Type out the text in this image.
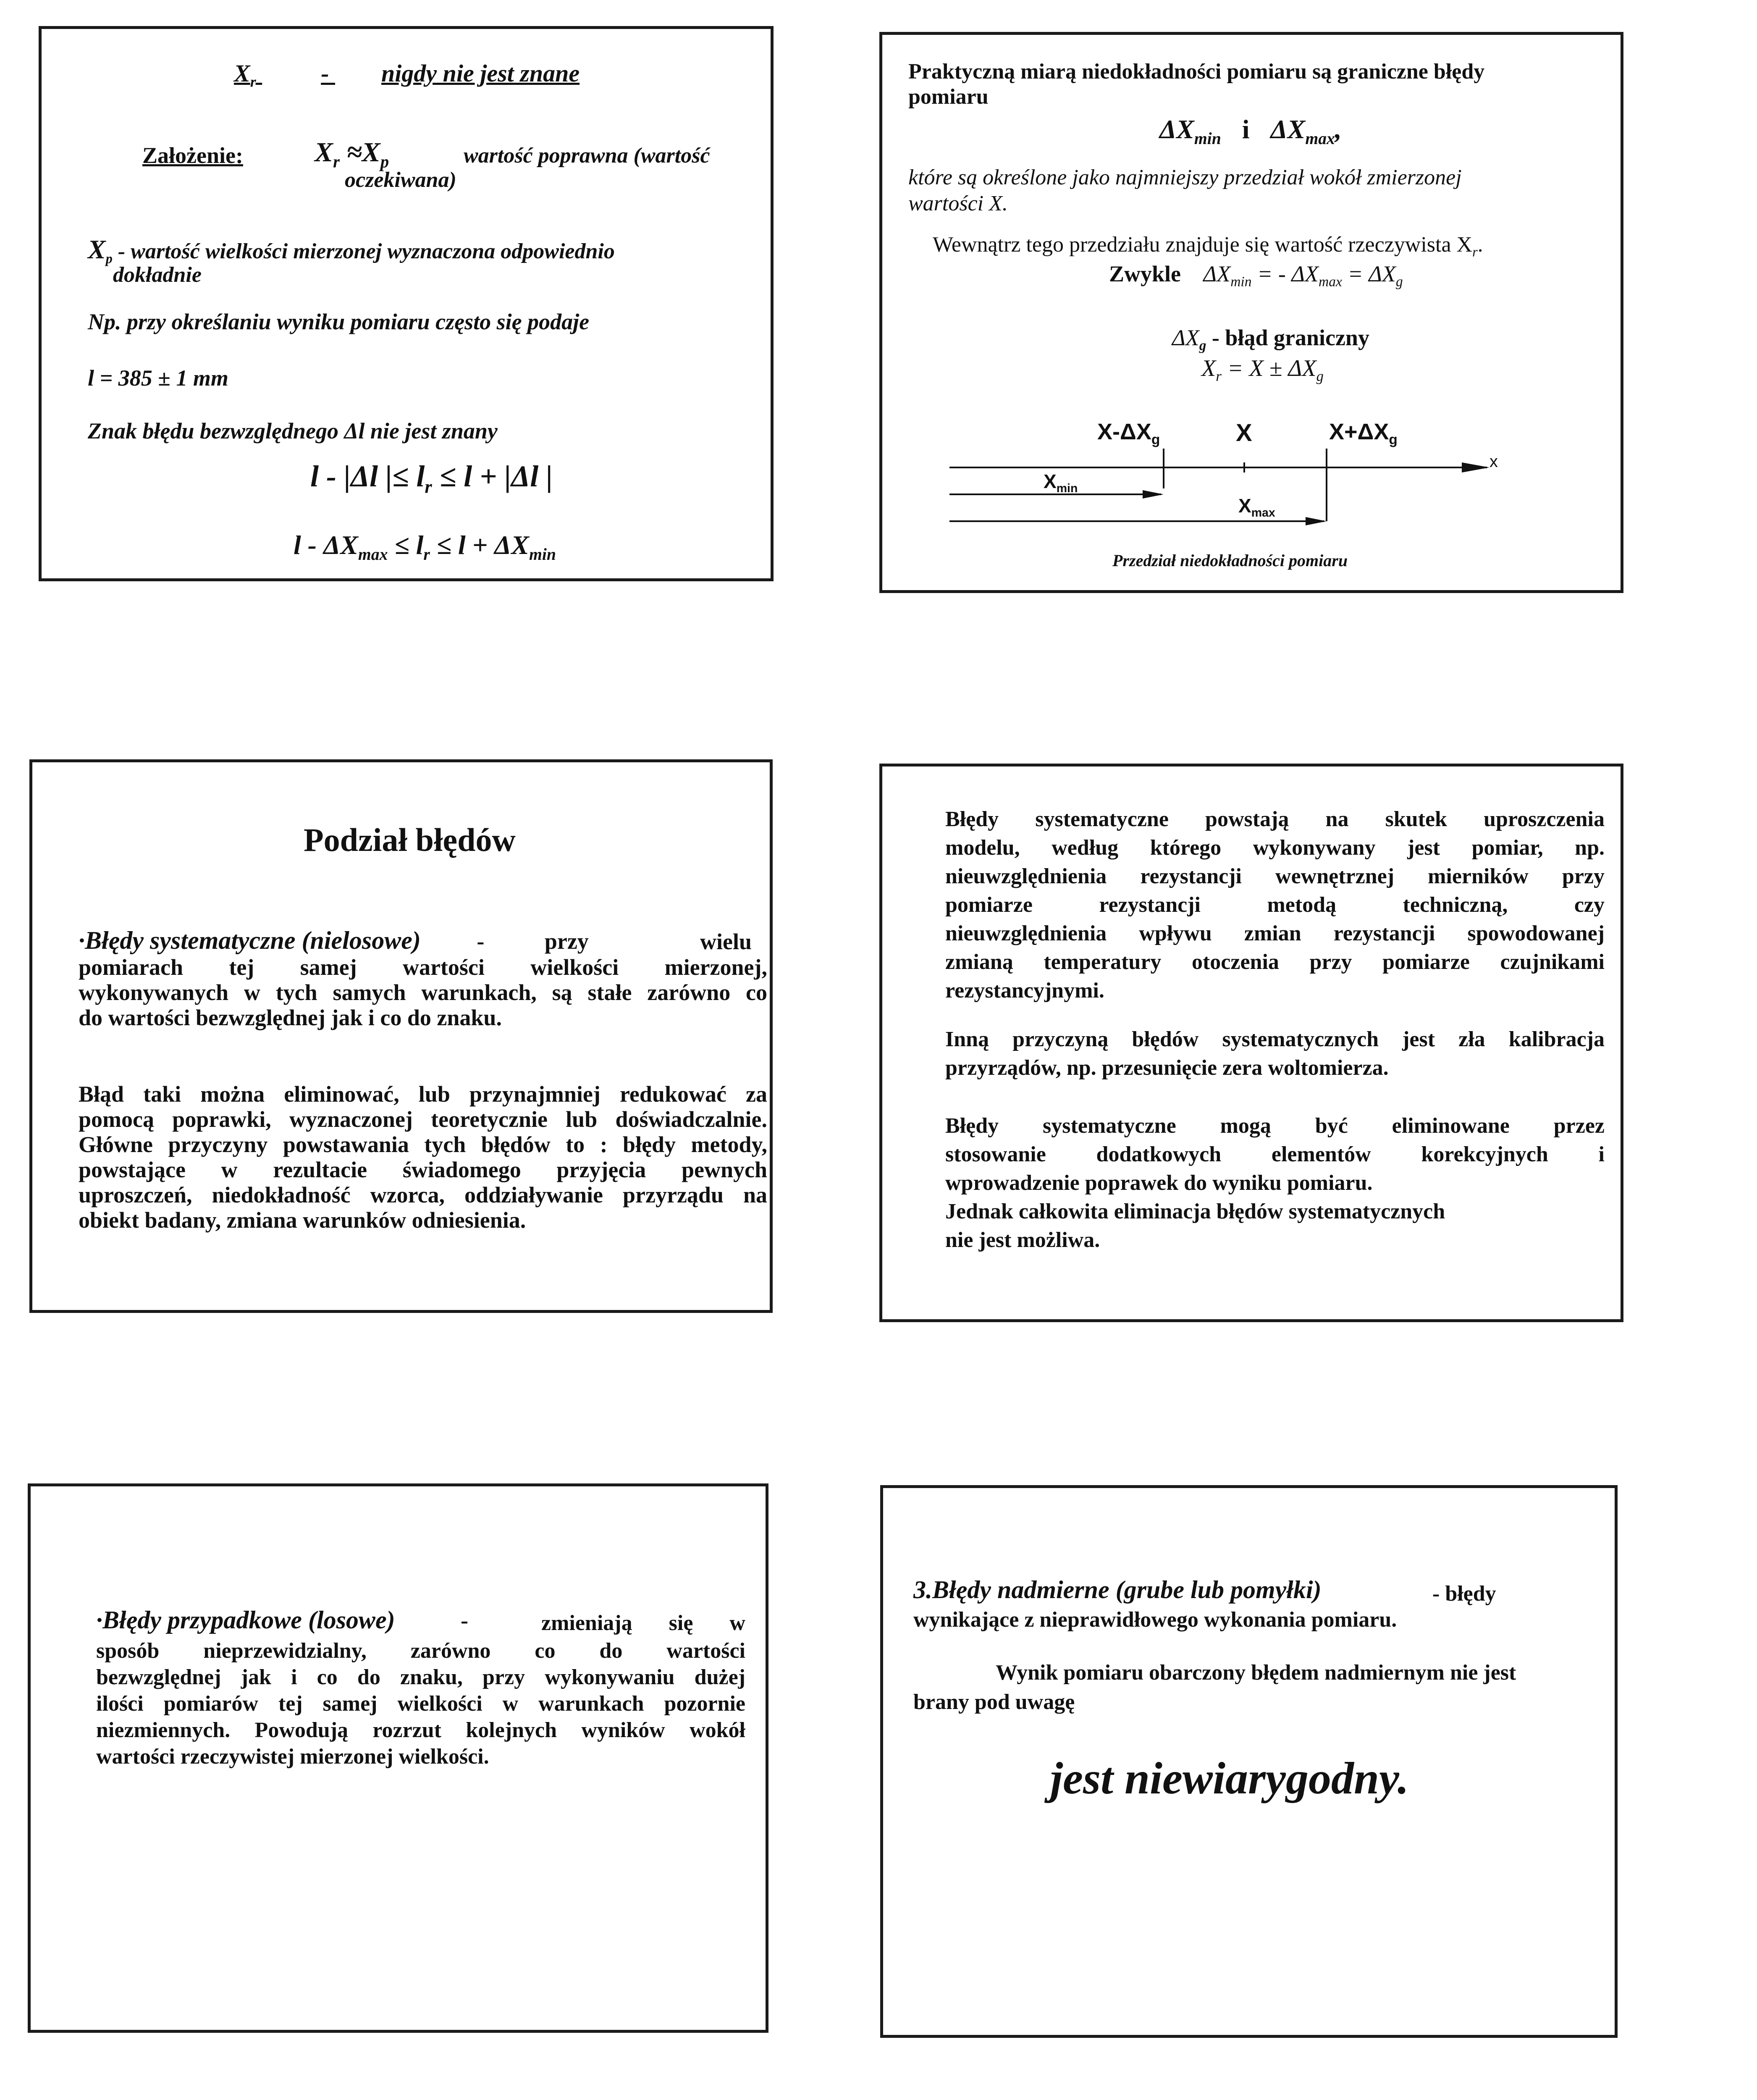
$X_r$	- nigdy nie jest znane
Założenie:	$X_r \approx X_p$	wartość poprawna (wartość
oczekiwana)
$X_p$ - wartość wielkości mierzonej wyznaczona odpowiednio
dokładnie
Np. przy określaniu wyniku pomiaru często się podaje
l = 385 ± 1 mm
Znak błędu bezwzględnego Δl nie jest znany
l - |Δl |≤ $l_r \le l + |\Delta l$ |
$l - \Delta X_{max} \le l_r \le l + \Delta X_{min}$
Praktyczną miarą niedokładności pomiaru są graniczne błędy
pomiaru
$\Delta X_{min}$ i $\Delta X_{max}$,
które są określone jako najmniejszy przedział wokół zmierzonej
wartości X.
Wewnątrz tego przedziału znajduje się wartość rzeczywista $X_r$.
Zwykle $\Delta X_{min}$ = - $\Delta X_{max} = \Delta X_g$
$\Delta X_g$ - błąd graniczny
$X_r = X \pm \Delta X_g$
$X-\Delta X_g$	X	$X+\Delta X_g$
x
$X_{min}$
$X_{max}$
Przedział niedokładności pomiaru
Podział błędów
∙Błędy systematyczne (nielosowe) -	przy	wielu
pomiarach tej samej wartości wielkości mierzonej,
wykonywanych w tych samych warunkach, są stałe zarówno co
do wartości bezwzględnej jak i co do znaku.
Błąd taki można eliminować, lub przynajmniej redukować za
pomocą poprawki, wyznaczonej teoretycznie lub doświadczalnie.
Główne przyczyny powstawania tych błędów to : błędy metody,
powstające w rezultacie świadomego przyjęcia pewnych
uproszczeń, niedokładność wzorca, oddziaływanie przyrządu na
obiekt badany, zmiana warunków odniesienia.
Błędy systematyczne powstają na skutek uproszczenia
modelu, według którego wykonywany jest pomiar, np.
nieuwzględnienia rezystancji wewnętrznej mierników przy
pomiarze rezystancji metodą techniczną, czy
nieuwzględnienia wpływu zmian rezystancji spowodowanej
zmianą temperatury otoczenia przy pomiarze czujnikami
rezystancyjnymi.
Inną przyczyną błędów systematycznych jest zła kalibracja
przyrządów, np. przesunięcie zera woltomierza.
Błędy systematyczne mogą być eliminowane przez
stosowanie dodatkowych elementów korekcyjnych i
wprowadzenie poprawek do wyniku pomiaru.
Jednak całkowita eliminacja błędów systematycznych
nie jest możliwa.
∙Błędy przypadkowe (losowe)	-	zmieniają się w
sposób nieprzewidzialny, zarówno co do wartości
bezwzględnej jak i co do znaku, przy wykonywaniu dużej
ilości pomiarów tej samej wielkości w warunkach pozornie
niezmiennych. Powodują rozrzut kolejnych wyników wokół
wartości rzeczywistej mierzonej wielkości.
3.Błędy nadmierne (grube lub pomyłki)	- błędy
wynikające z nieprawidłowego wykonania pomiaru.
Wynik pomiaru obarczony błędem nadmiernym nie jest
brany pod uwagę
jest niewiarygodny.
